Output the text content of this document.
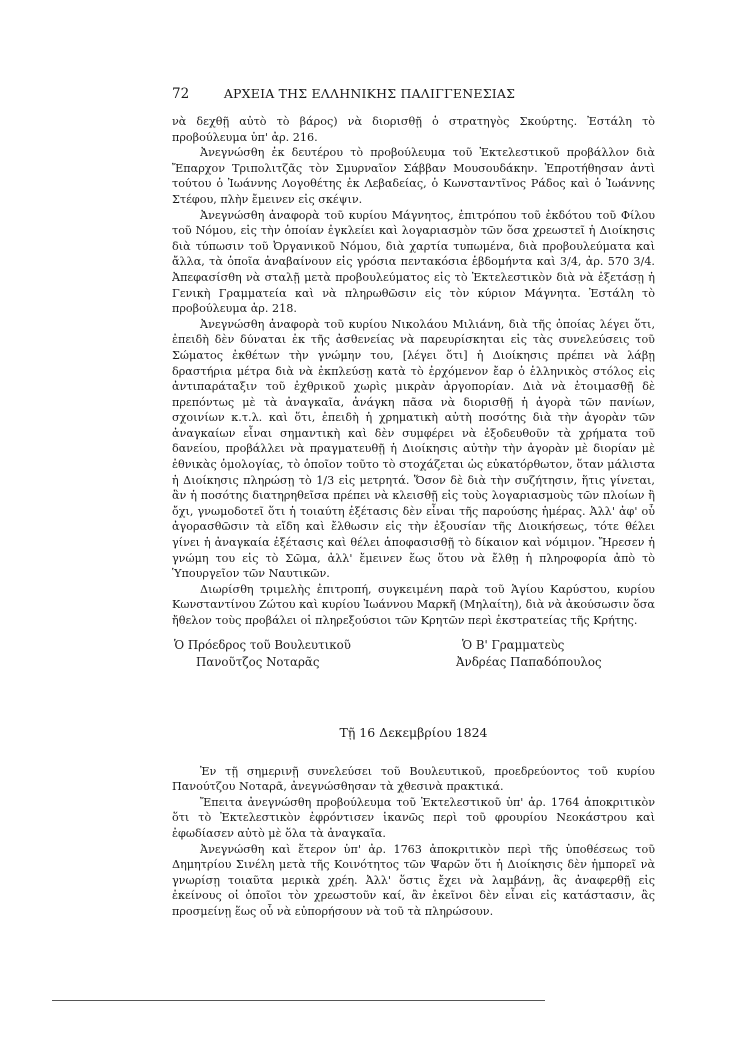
72	ΑΡΧΕΙΑ ΤΗΣ ΕΛΛΗΝΙΚΗΣ ΠΑΛΙΓΓΕΝΕΣΙΑΣ

νὰ δεχθῇ αὐτὸ τὸ βάρος) νὰ διορισθῇ ὁ στρατηγὸς Σκούρτης. Ἐστάλη τὸ προβούλευμα ὑπ' ἀρ. 216.

Ἀνεγνώσθη ἐκ δευτέρου τὸ προβούλευμα τοῦ Ἐκτελεστικοῦ προβάλλον διὰ Ἔπαρχον Τριπολιτζᾶς τὸν Σμυρναῖον Σάββαν Μουσουδάκην. Ἐπροτήθησαν ἀντὶ τούτου ὁ Ἰωάννης Λογοθέτης ἐκ Λεβαδείας, ὁ Κωνσταντῖνος Ράδος καὶ ὁ Ἰωάννης Στέφου, πλὴν ἔμεινεν εἰς σκέψιν.

Ἀνεγνώσθη ἀναφορὰ τοῦ κυρίου Μάγνητος, ἐπιτρόπου τοῦ ἐκδότου τοῦ Φίλου τοῦ Νόμου, εἰς τὴν ὁποίαν ἐγκλείει καὶ λογαριασμὸν τῶν ὅσα χρεωστεῖ ἡ Διοίκησις διὰ τύπωσιν τοῦ Ὀργανικοῦ Νόμου, διὰ χαρτία τυπωμένα, διὰ προβουλεύματα καὶ ἄλλα, τὰ ὁποῖα ἀναβαίνουν εἰς γρόσια πεντακόσια ἑβδομήντα καὶ 3/4, ἀρ. 570 3/4. Ἀπεφασίσθη νὰ σταλῇ μετὰ προβουλεύματος εἰς τὸ Ἐκτελεστικὸν διὰ νὰ ἐξετάσῃ ἡ Γενικὴ Γραμματεία καὶ νὰ πληρωθῶσιν εἰς τὸν κύριον Μάγνητα. Ἐστάλη τὸ προβούλευμα ἀρ. 218.

Ἀνεγνώσθη ἀναφορὰ τοῦ κυρίου Νικολάου Μιλιάνη, διὰ τῆς ὁποίας λέγει ὅτι, ἐπειδὴ δὲν δύναται ἐκ τῆς ἀσθενείας νὰ παρευρίσκηται εἰς τὰς συνελεύσεις τοῦ Σώματος ἐκθέτων τὴν γνώμην του, [λέγει ὅτι] ἡ Διοίκησις πρέπει νὰ λάβῃ δραστήρια μέτρα διὰ νὰ ἐκπλεύσῃ κατὰ τὸ ἐρχόμενον ἔαρ ὁ ἑλληνικὸς στόλος εἰς ἀντιπαράταξιν τοῦ ἐχθρικοῦ χωρὶς μικρὰν ἀργοπορίαν. Διὰ νὰ ἑτοιμασθῇ δὲ πρεπόντως μὲ τὰ ἀναγκαῖα, ἀνάγκη πᾶσα νὰ διορισθῇ ἡ ἀγορὰ τῶν πανίων, σχοινίων κ.τ.λ. καὶ ὅτι, ἐπειδὴ ἡ χρηματικὴ αὐτὴ ποσότης διὰ τὴν ἀγορὰν τῶν ἀναγκαίων εἶναι σημαντικὴ καὶ δὲν συμφέρει νὰ ἐξοδευθοῦν τὰ χρήματα τοῦ δανείου, προβάλλει νὰ πραγματευθῇ ἡ Διοίκησις αὐτὴν τὴν ἀγορὰν μὲ διορίαν μὲ ἐθνικὰς ὁμολογίας, τὸ ὁποῖον τοῦτο τὸ στοχάζεται ὡς εὐκατόρθωτον, ὅταν μάλιστα ἡ Διοίκησις πληρώσῃ τὸ 1/3 εἰς μετρητά. Ὅσον δὲ διὰ τὴν συζήτησιν, ἥτις γίνεται, ἂν ἡ ποσότης διατηρηθεῖσα πρέπει νὰ κλεισθῇ εἰς τοὺς λογαριασμοὺς τῶν πλοίων ἢ ὄχι, γνωμοδοτεῖ ὅτι ἡ τοιαύτη ἐξέτασις δὲν εἶναι τῆς παρούσης ἡμέρας. Ἀλλ' ἀφ' οὗ ἀγορασθῶσιν τὰ εἴδη καὶ ἔλθωσιν εἰς τὴν ἐξουσίαν τῆς Διοικήσεως, τότε θέλει γίνει ἡ ἀναγκαία ἐξέτασις καὶ θέλει ἀποφασισθῇ τὸ δίκαιον καὶ νόμιμον. Ἤρεσεν ἡ γνώμη του εἰς τὸ Σῶμα, ἀλλ' ἔμεινεν ἕως ὅτου νὰ ἔλθῃ ἡ πληροφορία ἀπὸ τὸ Ὑπουργεῖον τῶν Ναυτικῶν.

Διωρίσθη τριμελὴς ἐπιτροπή, συγκειμένη παρὰ τοῦ Ἁγίου Καρύστου, κυρίου Κωνσταντίνου Ζώτου καὶ κυρίου Ἰωάννου Μαρκῆ (Μηλαίτη), διὰ νὰ ἀκούσωσιν ὅσα ἤθελον τοὺς προβάλει οἱ πληρεξούσιοι τῶν Κρητῶν περὶ ἐκστρατείας τῆς Κρήτης.

Ὁ Πρόεδρος τοῦ Βουλευτικοῦ
Πανοῦτζος Νοταρᾶς
Ὁ Β' Γραμματεὺς
Ἀνδρέας Παπαδόπουλος
Τῇ 16 Δεκεμβρίου 1824

Ἐν τῇ σημερινῇ συνελεύσει τοῦ Βουλευτικοῦ, προεδρεύοντος τοῦ κυρίου Πανούτζου Νοταρᾶ, ἀνεγνώσθησαν τὰ χθεσινὰ πρακτικά.

Ἔπειτα ἀνεγνώσθη προβούλευμα τοῦ Ἐκτελεστικοῦ ὑπ' ἀρ. 1764 ἀποκριτικὸν ὅτι τὸ Ἐκτελεστικὸν ἐφρόντισεν ἱκανῶς περὶ τοῦ φρουρίου Νεοκάστρου καὶ ἐφωδίασεν αὐτὸ μὲ ὅλα τὰ ἀναγκαῖα.

Ἀνεγνώσθη καὶ ἕτερον ὑπ' ἀρ. 1763 ἀποκριτικὸν περὶ τῆς ὑποθέσεως τοῦ Δημητρίου Σινέλη μετὰ τῆς Κοινότητος τῶν Ψαρῶν ὅτι ἡ Διοίκησις δὲν ἠμπορεῖ νὰ γνωρίσῃ τοιαῦτα μερικὰ χρέη. Ἀλλ' ὅστις ἔχει νὰ λαμβάνῃ, ἂς ἀναφερθῇ εἰς ἐκείνους οἱ ὁποῖοι τὸν χρεωστοῦν καί, ἂν ἐκεῖνοι δὲν εἶναι εἰς κατάστασιν, ἂς προσμείνῃ ἕως οὗ νὰ εὐπορήσουν νὰ τοῦ τὰ πληρώσουν.
